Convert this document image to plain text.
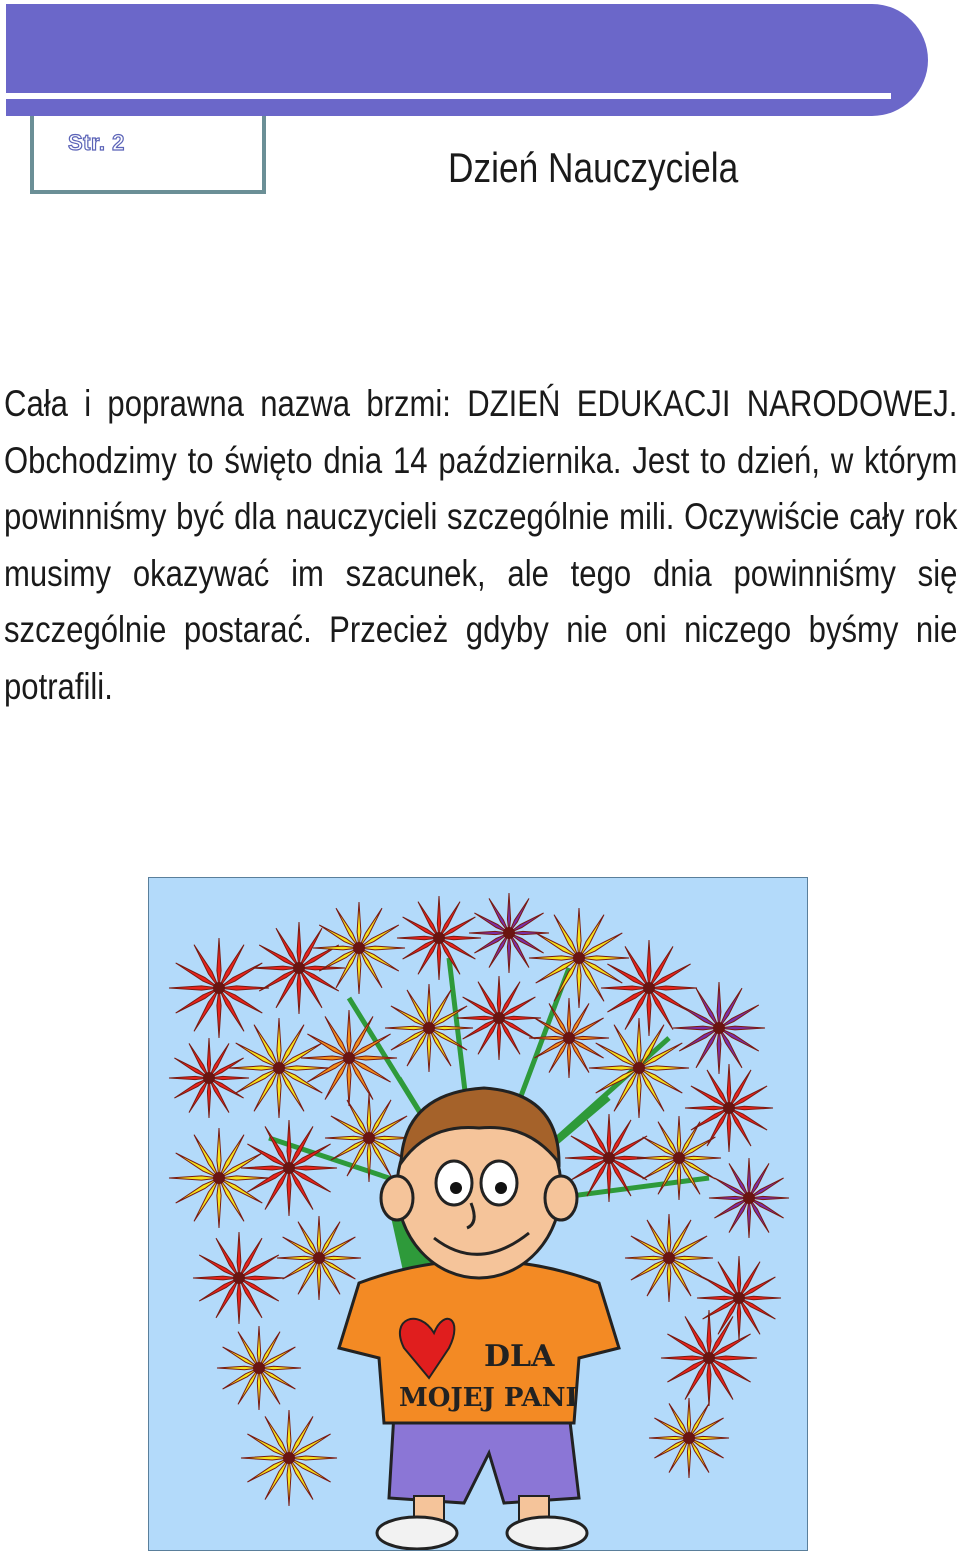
Str. 2
Dzień Nauczyciela

Cała i poprawna nazwa brzmi: DZIEŃ EDUKACJI NARODOWEJ. Obchodzimy to święto dnia 14 października. Jest to dzień, w którym powinniśmy być dla nauczycieli szczególnie mili. Oczywiście cały rok musimy okazywać im szacunek, ale tego dnia powinniśmy się szczególnie postarać. Przecież gdyby nie oni niczego byśmy nie potrafili.

DLA
MOJEJ PANI
